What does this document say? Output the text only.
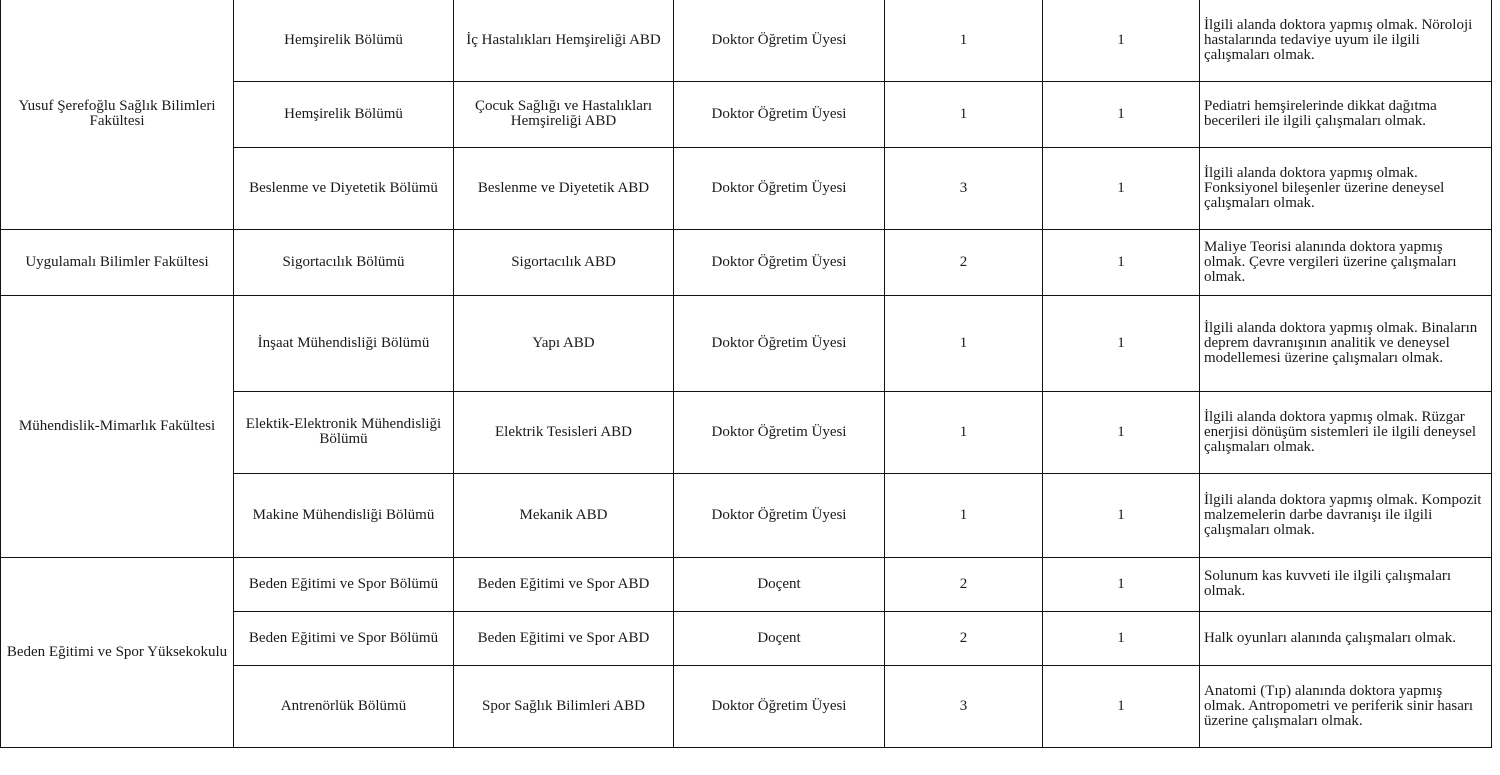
Yusuf Şerefoğlu Sağlık Bilimleri Fakültesi	Hemşirelik Bölümü	İç Hastalıkları Hemşireliği ABD	Doktor Öğretim Üyesi	1	1	İlgili alanda doktora yapmış olmak. Nöroloji hastalarında tedaviye uyum ile ilgili çalışmaları olmak.
	Hemşirelik Bölümü	Çocuk Sağlığı ve Hastalıkları Hemşireliği ABD	Doktor Öğretim Üyesi	1	1	Pediatri hemşirelerinde dikkat dağıtma becerileri ile ilgili çalışmaları olmak.
	Beslenme ve Diyetetik Bölümü	Beslenme ve Diyetetik ABD	Doktor Öğretim Üyesi	3	1	İlgili alanda doktora yapmış olmak. Fonksiyonel bileşenler üzerine deneysel çalışmaları olmak.
Uygulamalı Bilimler Fakültesi	Sigortacılık Bölümü	Sigortacılık ABD	Doktor Öğretim Üyesi	2	1	Maliye Teorisi alanında doktora yapmış olmak. Çevre vergileri üzerine çalışmaları olmak.
Mühendislik-Mimarlık Fakültesi	İnşaat Mühendisliği Bölümü	Yapı ABD	Doktor Öğretim Üyesi	1	1	İlgili alanda doktora yapmış olmak. Binaların deprem davranışının analitik ve deneysel modellemesi üzerine çalışmaları olmak.
	Elektik-Elektronik Mühendisliği Bölümü	Elektrik Tesisleri ABD	Doktor Öğretim Üyesi	1	1	İlgili alanda doktora yapmış olmak. Rüzgar enerjisi dönüşüm sistemleri ile ilgili deneysel çalışmaları olmak.
	Makine Mühendisliği Bölümü	Mekanik ABD	Doktor Öğretim Üyesi	1	1	İlgili alanda doktora yapmış olmak. Kompozit malzemelerin darbe davranışı ile ilgili çalışmaları olmak.
Beden Eğitimi ve Spor Yüksekokulu	Beden Eğitimi ve Spor Bölümü	Beden Eğitimi ve Spor ABD	Doçent	2	1	Solunum kas kuvveti ile ilgili çalışmaları olmak.
	Beden Eğitimi ve Spor Bölümü	Beden Eğitimi ve Spor ABD	Doçent	2	1	Halk oyunları alanında çalışmaları olmak.
	Antrenörlük Bölümü	Spor Sağlık Bilimleri ABD	Doktor Öğretim Üyesi	3	1	Anatomi (Tıp) alanında doktora yapmış olmak. Antropometri ve periferik sinir hasarı üzerine çalışmaları olmak.
